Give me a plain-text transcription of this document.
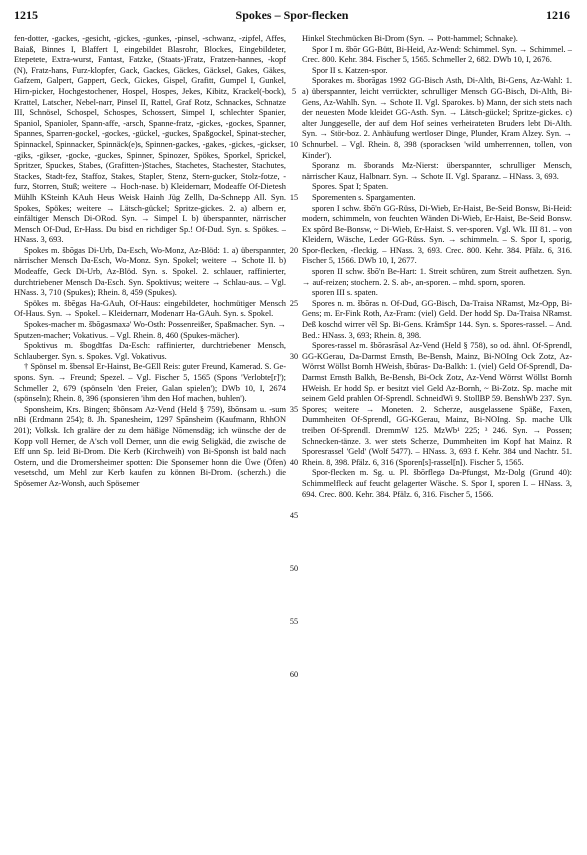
1215	Spokes – Spor-flecken	1216

fen-dotter, -gackes, -gesicht, -gickes, -gunkes, -pinsel, -schwanz, -zipfel, Affes, Baiaß, Binnes I, Blaffert I, eingebildet Blasrohr, Blockes, Eingebildeter, Etepetete, Extra-wurst, Fantast, Fatzke, (Staats-)Fratz, Fratzen-hannes, -kopf (N), Fratz-hans, Furz-klopfer, Gack, Gackes, Gäckes, Gäcksel, Gakes, Gäkes, Gafzem, Galpert, Gappert, Geck, Gickes, Gispel, Grafitt, Gumpel I, Gunkel, Hirn-picker, Hochgestochener, Hospel, Hospes, Jekes, Kibitz, Krackel(-bock), Krattel, Latscher, Nebel-narr, Pinsel II, Rattel, Graf Rotz, Schnackes, Schnatze III, Schnösel, Schospel, Schospes, Schossert, Simpel I, schlechter Spanier, Spaniol, Spanioler, Spann-affe, -arsch, Spanne-fratz, -gickes, -gockes, Spanner, Spannes, Sparren-gockel, -gockes, -gückel, -guckes, Spaßgockel, Spinat-stecher, Spinnackel, Spinnacker, Spinnäck(e)s, Spinnen-gackes, -gakes, -gickes, -gickser, -giks, -gikser, -gocke, -guckes, Spinner, Spinozer, Spökes, Sporkel, Sprickel, Spritzer, Spuckes, Stabes, (Grafitten-)Staches, Stachetes, Stachester, Stachutes, Stackes, Stadt-fez, Staffoz, Stakes, Stapler, Stenz, Stern-gucker, Stolz-fotze, -furz, Storren, Stuß; weitere → Hoch-nase. b) Kleidernarr, Modeaffe Of-Dietesh Mühlh KSteinh KAuh Heus Weisk Hainh Jüg Zellh, Da-Schnepp All. Syn. Spokes, Spökes; weitere → Lätsch-gückel; Spritze-gickes. 2. a) albern er, einfältiger Mensch Di-ORod. Syn. → Simpel I. b) überspannter, närrischer Mensch Of-Dud, Er-Hass. Du bisd en richdiger Sp.! Of-Dud. Syn. s. Spökes. – HNass. 3, 693.

Spokes m. šbōgas Di-Urb, Da-Esch, Wo-Monz, Az-Blöd: 1. a) überspannter, närrischer Mensch Da-Esch, Wo-Monz. Syn. Spokel; weitere → Schote II. b) Modeaffe, Geck Di-Urb, Az-Blöd. Syn. s. Spokel. 2. schlauer, raffinierter, durchtriebener Mensch Da-Esch. Syn. Spoktivus; weitere → Schlau-aus. – Vgl. HNass. 3, 710 (Spukes); Rhein. 8, 459 (Spukes).

Spökes m. šbēgas Ha-GAuh, Of-Haus: eingebildeter, hochmütiger Mensch Of-Haus. Syn. → Spokel. – Kleidernarr, Modenarr Ha-GAuh. Syn. s. Spokel.

Spokes-macher m. šbōgəsmaxə' Wo-Osth: Possenreißer, Spaßmacher. Syn. → Sputzen-macher; Vokativus. – Vgl. Rhein. 8, 460 (Spukes-mächer).

Spoktivus m. šbogdīfas Da-Esch: raffinierter, durchtriebener Mensch, Schlauberger. Syn. s. Spokes. Vgl. Vokativus.

† Spönsel m. šbensəl Er-Hainst, Be-GEll Reis: guter Freund, Kamerad. S. Ge-spons. Syn. → Freund; Spezel. – Vgl. Fischer 5, 1565 (Spons 'Verlobte[r]'); Schmeller 2, 679 (spönseln 'den Freier, Galan spielen'); DWb 10, I, 2674 (spönseln); Rhein. 8, 396 (sponsieren 'ihm den Hof machen, buhlen').

Sponsheim, Krs. Bingen; šbōnsəm Az-Vend (Held § 759), šbōnsəm u. -sum nBi (Erdmann 254); 8. Jh. Spanesheim, 1297 Spānsheim (Kaufmann, RhhON 201); Volksk. Ich graläre der zu dem häßige Nōmensdäg; ich wünsche der de Kopp voll Herner, de A'sch voll Derner, unn die ewig Seligkäd, die zwische de Eff unn Sp. leid Bi-Drom. Die Kerb (Kirchweih) von Bi-Sponsh ist bald nach Ostern, und die Dromersheimer spotten: Die Sponsemer honn die Üwe (Öfen) vesetschd, um Mehl zur Kerb kaufen zu können Bi-Drom. (scherzh.) die Spösemer Az-Wonsh, auch Spösemer

5
10
15
20
25
30
35
40
45
50
55
60

Hinkel Stechmücken Bi-Drom (Syn. → Pott-hammel; Schnake).

Spor I m. šbōr GG-Bütt, Bi-Heid, Az-Wend: Schimmel. Syn. → Schimmel. – Crec. 800. Kehr. 384. Fischer 5, 1565. Schmeller 2, 682. DWb 10, I, 2676.

Spor II s. Katzen-spor.

Sporakes m. šborāgas 1992 GG-Bisch Asth, Di-Alth, Bi-Gens, Az-Wahl: 1. a) überspannter, leicht verrückter, schrulliger Mensch GG-Bisch, Di-Alth, Bi-Gens, Az-Wahlh. Syn. → Schote II. Vgl. Sparokes. b) Mann, der sich stets nach der neuesten Mode kleidet GG-Asth. Syn. → Lätsch-gückel; Spritze-gickes. c) alter Junggeselle, der auf dem Hof seines verheirateten Bruders lebt Di-Alth. Syn. → Stör-boz. 2. Anhäufung wertloser Dinge, Plunder, Kram Alzey. Syn. → Schnurbel. – Vgl. Rhein. 8, 398 (sporacksen 'wild umherrennen, tollen, von Kinder').

Sporanz m. šborands Mz-Nierst: überspannter, schrulliger Mensch, närrischer Kauz, Halbnarr. Syn. → Schote II. Vgl. Sparanz. – HNass. 3, 693.

Spores. Spat I; Spaten.

Sporementen s. Spargamenten.

sporen I schw. šbō'n GG-Rüss, Di-Wieb, Er-Haist, Be-Seid Bonsw, Bi-Heid: modern, schimmeln, von feuchten Wänden Di-Wieb, Er-Haist, Be-Seid Bonsw. Ex spōrd Be-Bonsw, ~ Di-Wieb, Er-Haist. S. ver-sporen. Vgl. Wk. III 81. – von Kleidern, Wäsche, Leder GG-Rüss. Syn. → schimmeln. – S. Spor I, sporig, Spor-flecken, -fleckig. – HNass. 3, 693. Crec. 800. Kehr. 384. Pfälz. 6, 316. Fischer 5, 1566. DWb 10, I, 2677.

sporen II schw. šbō'n Be-Hart: 1. Streit schüren, zum Streit aufhetzen. Syn. → auf-reizen; stochern. 2. S. ab-, an-sporen. – mhd. sporn, sporen.

sporen III s. spaten.

Spores n. m. šbōras n. Of-Dud, GG-Bisch, Da-Traisa NRamst, Mz-Opp, Bi-Gens; m. Er-Fink Roth, Az-Fram: (viel) Geld. Der hodd Sp. Da-Traisa NRamst. Deß koschd wirrer vēl Sp. Bi-Gens. KrämSpr 144. Syn. s. Spores-rassel. – And. Bed.: HNass. 3, 693; Rhein. 8, 398.

Spores-rassel m. šbōrəsrāsəl Az-Vend (Held § 758), so od. ähnl. Of-Sprendl, GG-KGerau, Da-Darmst Ernsth, Be-Bensh, Mainz, Bi-NOIng Ock Zotz, Az-Wörrst Wöllst Bornh HWeish, šbūras- Da-Balkh: 1. (viel) Geld Of-Sprendl, Da-Darmst Ernsth Balkh, Be-Bensh, Bi-Ock Zotz, Az-Vend Wörrst Wöllst Bornh HWeish. Er hodd Sp. er besitzt viel Geld Az-Bornh, ~ Bi-Zotz. Sp. mache mit seinem Geld prahlen Of-Sprendl. SchneidWi 9. StollBP 59. BenshWb 237. Syn. Spores; weitere → Moneten. 2. Scherze, ausgelassene Späße, Faxen, Dummheiten Of-Sprendl, GG-KGerau, Mainz, Bi-NOIng. Sp. mache Ulk treiben Of-Sprendl. DremmW 125. MzWb¹ 225; ³ 246. Syn. → Possen; Schnecken-tänze. 3. wer stets Scherze, Dummheiten im Kopf hat Mainz. R Sporesrassel 'Geld' (Wolf 5477). – HNass. 3, 693 f. Kehr. 384 und Nachtr. 51. Rhein. 8, 398. Pfälz. 6, 316 (Sporen[s]-rassel[n]). Fischer 5, 1565.

Spor-flecken m. Sg. u. Pl. šbōrflegə Da-Pfungst, Mz-Dolg (Grund 40): Schimmelfleck auf feucht gelagerter Wäsche. S. Spor I, sporen I. – HNass. 3, 694. Crec. 800. Kehr. 384. Pfälz. 6, 316. Fischer 5, 1566.
